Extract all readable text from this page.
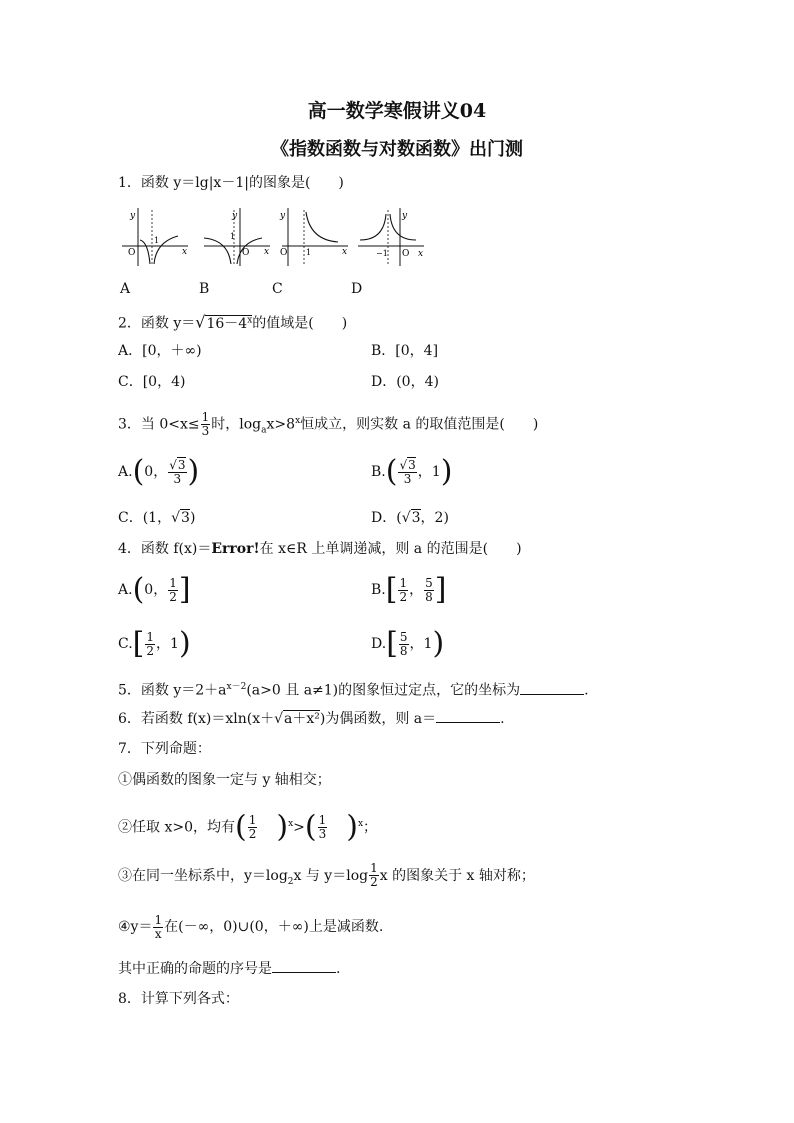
高一数学寒假讲义04
《指数函数与对数函数》出门测
1．函数 y＝lg|x－1|的图象是(　　)
y
x
O
1
y
x
O
1
y
x
O 1
y
x
O
−1
A	B	C	D
2．函数 $y=√16-4^x$的值域是(　　)
A．[0，＋∞)	B．[0，4]
C．[0，4)	D．(0，4)
3．当 $0<x\le \frac{1}{3}$ 时，$\log_ax>8^x$恒成立，则实数 a 的取值范围是(　　)
A.(0， $\frac{√3}{3}$ )	$B.( \frac{√3}{3}$ ，1)
C．(1，√3)	D．(√3，2)
4．函数 f(x)＝Error!在 x∈R 上单调递减，则 a 的范围是(　　)
A.(0， $\frac{1}{2}$ ]	$B.[ \frac{1}{2}$ ， $\frac{5}{8}$ ]
$C.[ \frac{1}{2}$ ，1)	$D.[ \frac{5}{8}$ ，1)
5．函数 $y=2+a^{x-2}(a>0$ 且 a≠1)的图象恒过定点，它的坐标为	.
6．若函数 f(x)＝xln(x＋√a＋x²)为偶函数，则 a＝	.
7．下列命题：
①偶函数的图象一定与 y 轴相交；
②任取 x>0，均有( $\frac{1}{2} )^x>( \frac{1}{3} )^x$；
③在同一坐标系中，$y=\log_2x$ 与 $y=\log \frac{1}{2}$ x 的图象关于 x 轴对称；
④y＝ $\frac{1}{x}$ 在(－∞，0)∪(0，＋∞)上是减函数.
其中正确的命题的序号是	.
8．计算下列各式：
